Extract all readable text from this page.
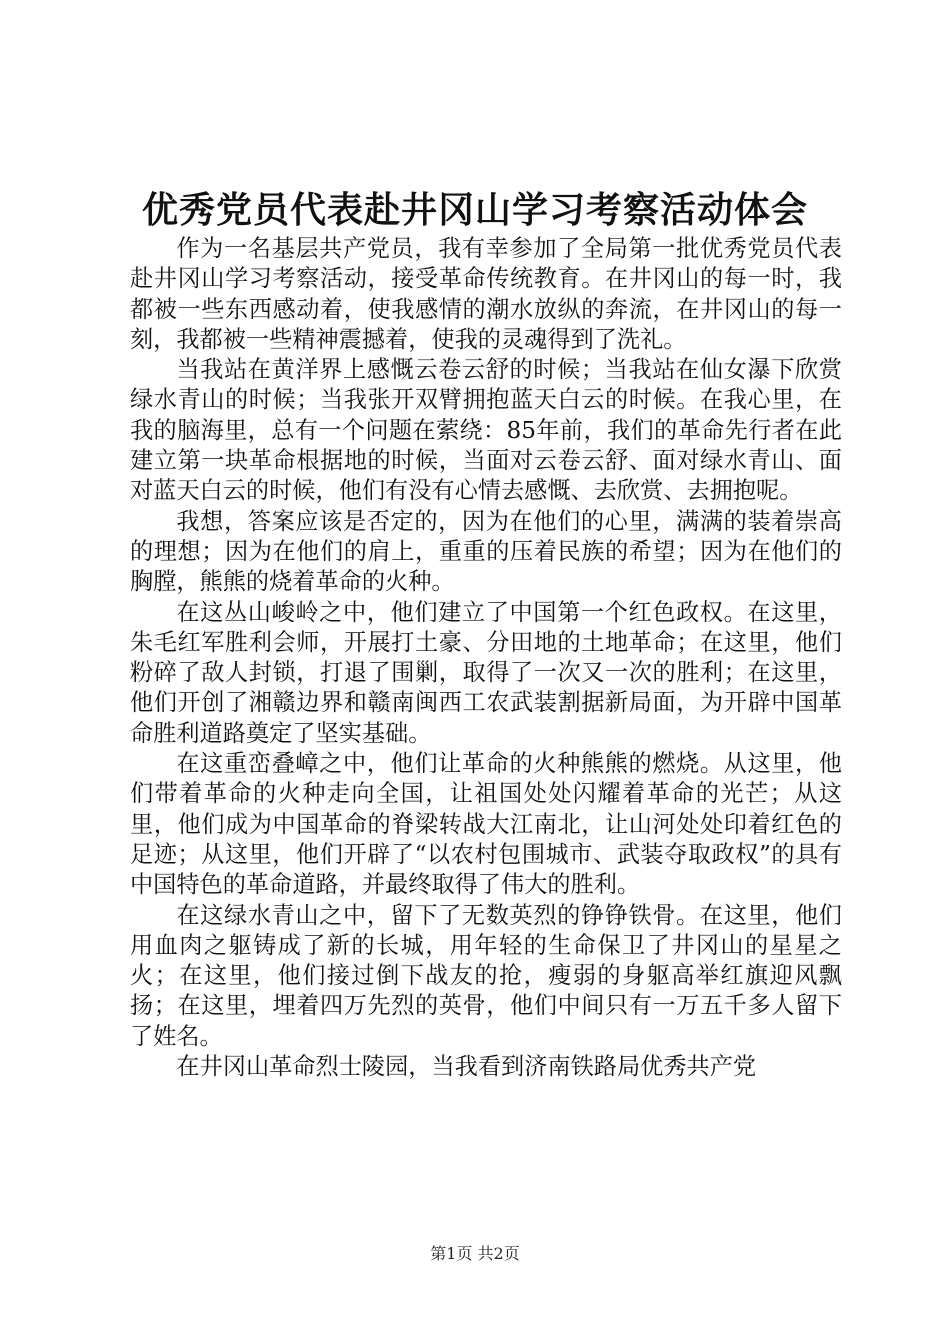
优秀党员代表赴井冈山学习考察活动体会

作为一名基层共产党员，我有幸参加了全局第一批优秀党员代表赴井冈山学习考察活动，接受革命传统教育。在井冈山的每一时，我都被一些东西感动着，使我感情的潮水放纵的奔流，在井冈山的每一刻，我都被一些精神震撼着，使我的灵魂得到了洗礼。

当我站在黄洋界上感慨云卷云舒的时候；当我站在仙女瀑下欣赏绿水青山的时候；当我张开双臂拥抱蓝天白云的时候。在我心里，在我的脑海里，总有一个问题在萦绕：85年前，我们的革命先行者在此建立第一块革命根据地的时候，当面对云卷云舒、面对绿水青山、面对蓝天白云的时候，他们有没有心情去感慨、去欣赏、去拥抱呢。

我想，答案应该是否定的，因为在他们的心里，满满的装着崇高的理想；因为在他们的肩上，重重的压着民族的希望；因为在他们的胸膛，熊熊的烧着革命的火种。

在这丛山峻岭之中，他们建立了中国第一个红色政权。在这里，朱毛红军胜利会师，开展打土豪、分田地的土地革命；在这里，他们粉碎了敌人封锁，打退了围剿，取得了一次又一次的胜利；在这里，他们开创了湘赣边界和赣南闽西工农武装割据新局面，为开辟中国革命胜利道路奠定了坚实基础。

在这重峦叠嶂之中，他们让革命的火种熊熊的燃烧。从这里，他们带着革命的火种走向全国，让祖国处处闪耀着革命的光芒；从这里，他们成为中国革命的脊梁转战大江南北，让山河处处印着红色的足迹；从这里，他们开辟了“以农村包围城市、武装夺取政权”的具有中国特色的革命道路，并最终取得了伟大的胜利。

在这绿水青山之中，留下了无数英烈的铮铮铁骨。在这里，他们用血肉之躯铸成了新的长城，用年轻的生命保卫了井冈山的星星之火；在这里，他们接过倒下战友的抢，瘦弱的身躯高举红旗迎风飘扬；在这里，埋着四万先烈的英骨，他们中间只有一万五千多人留下了姓名。

在井冈山革命烈士陵园，当我看到济南铁路局优秀共产党

第1页 共2页
